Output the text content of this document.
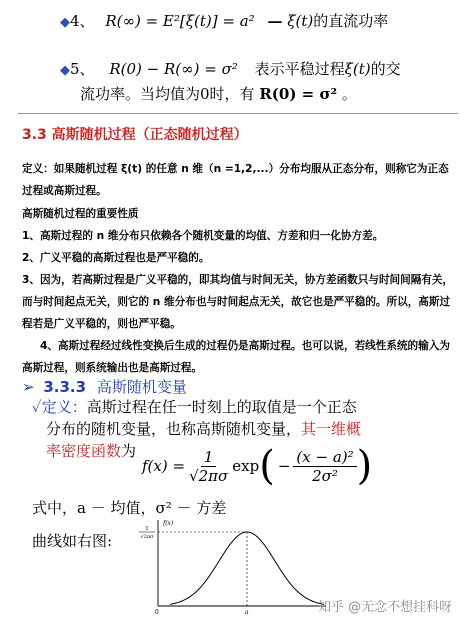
◆4、 R(∞) = E²[ξ(t)] = a² — ξ(t)的直流功率
◆5、 R(0) − R(∞) = σ² 表示平稳过程ξ(t)的交
流功率。当均值为0时，有 R(0) = σ² 。
3.3 高斯随机过程（正态随机过程）
定义：如果随机过程 ξ(t) 的任意 n 维（n =1,2,...）分布均服从正态分布，则称它为正态过程或高斯过程。
高斯随机过程的重要性质
1、高斯过程的 n 维分布只依赖各个随机变量的均值、方差和归一化协方差。
2、广义平稳的高斯过程也是严平稳的。
3、因为，若高斯过程是广义平稳的，即其均值与时间无关，协方差函数只与时间间隔有关，而与时间起点无关，则它的 n 维分布也与时间起点无关，故它也是严平稳的。所以，高斯过程若是广义平稳的，则也严平稳。
4、高斯过程经过线性变换后生成的过程仍是高斯过程。也可以说，若线性系统的输入为高斯过程，则系统输出也是高斯过程。
➢ 3.3.3 高斯随机变量
✓定义：高斯过程在任一时刻上的取值是一个正态
分布的随机变量，也称高斯随机变量，其一维概
率密度函数为
$f(x) = \frac{1}{√2\pi\sigma}$ exp ( − $\frac{\text{(x − a)²}}{\text{2σ²}}$ )
式中，a － 均值，σ² － 方差
曲线如右图:
f(x)
1
√2πσ
0	a	知乎 @无念不想挂科呀
